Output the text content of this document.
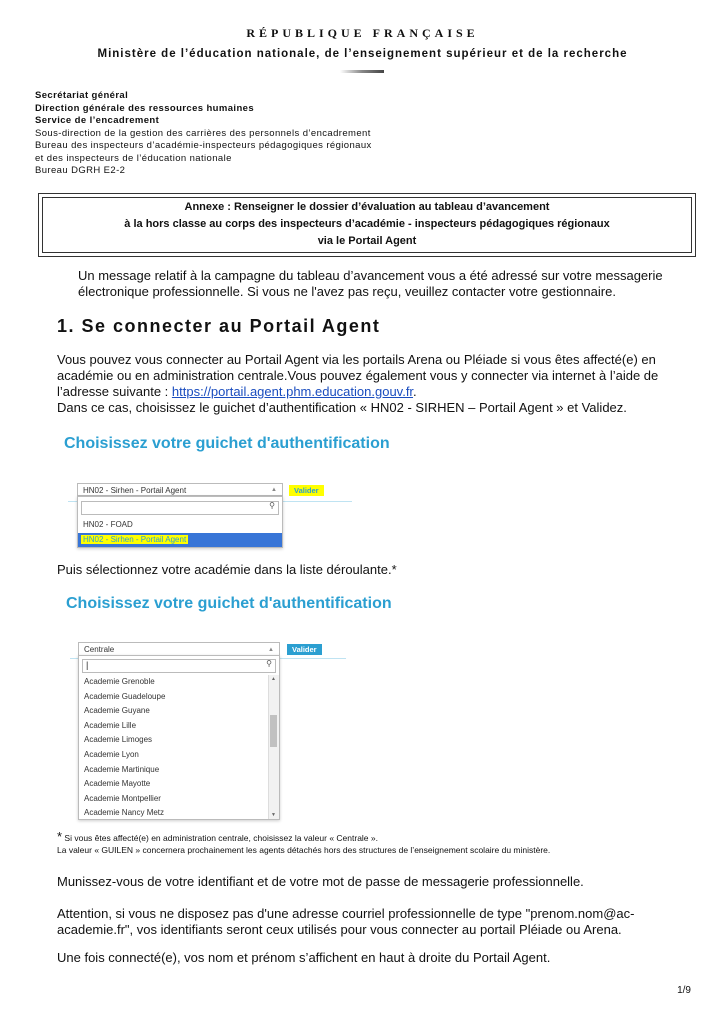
RÉPUBLIQUE FRANÇAISE
Ministère de l’éducation nationale, de l’enseignement supérieur et de la recherche
Secrétariat général
Direction générale des ressources humaines
Service de l’encadrement
Sous-direction de la gestion des carrières des personnels d’encadrement
Bureau des inspecteurs d’académie-inspecteurs pédagogiques régionaux
et des inspecteurs de l’éducation nationale
Bureau DGRH E2-2
Annexe : Renseigner le dossier d’évaluation au tableau d’avancement
à la hors classe au corps des inspecteurs d’académie - inspecteurs pédagogiques régionaux
via le Portail Agent
Un message relatif à la campagne du tableau d’avancement vous a été adressé sur votre messagerie
électronique professionnelle. Si vous ne l'avez pas reçu, veuillez contacter votre gestionnaire.
1. Se connecter au Portail Agent
Vous pouvez vous connecter au Portail Agent via les portails Arena ou Pléiade si vous êtes affecté(e) en
académie ou en administration centrale.Vous pouvez également vous y connecter via internet à l’aide de
l’adresse suivante : https://portail.agent.phm.education.gouv.fr.
Dans ce cas, choisissez le guichet d’authentification « HN02 - SIRHEN – Portail Agent » et Validez.
Choisissez votre guichet d'authentification
HN02 - Sirhen - Portail Agent	▲	Valider
⚲
HN02 - FOAD
HN02 - Sirhen - Portail Agent
Puis sélectionnez votre académie dans la liste déroulante.*
Choisissez votre guichet d'authentification
Centrale	▲	Valider
|	⚲
Academie Grenoble
Academie Guadeloupe
Academie Guyane
Academie Lille
Academie Limoges
Academie Lyon
Academie Martinique
Academie Mayotte
Academie Montpellier
Academie Nancy Metz
▲
▼
* Si vous êtes affecté(e) en administration centrale, choisissez la valeur « Centrale ».
La valeur « GUILEN » concernera prochainement les agents détachés hors des structures de l’enseignement scolaire du ministère.
Munissez-vous de votre identifiant et de votre mot de passe de messagerie professionnelle.
Attention, si vous ne disposez pas d'une adresse courriel professionnelle de type "prenom.nom@ac-
academie.fr", vos identifiants seront ceux utilisés pour vous connecter au portail Pléiade ou Arena.
Une fois connecté(e), vos nom et prénom s’affichent en haut à droite du Portail Agent.
1/9
